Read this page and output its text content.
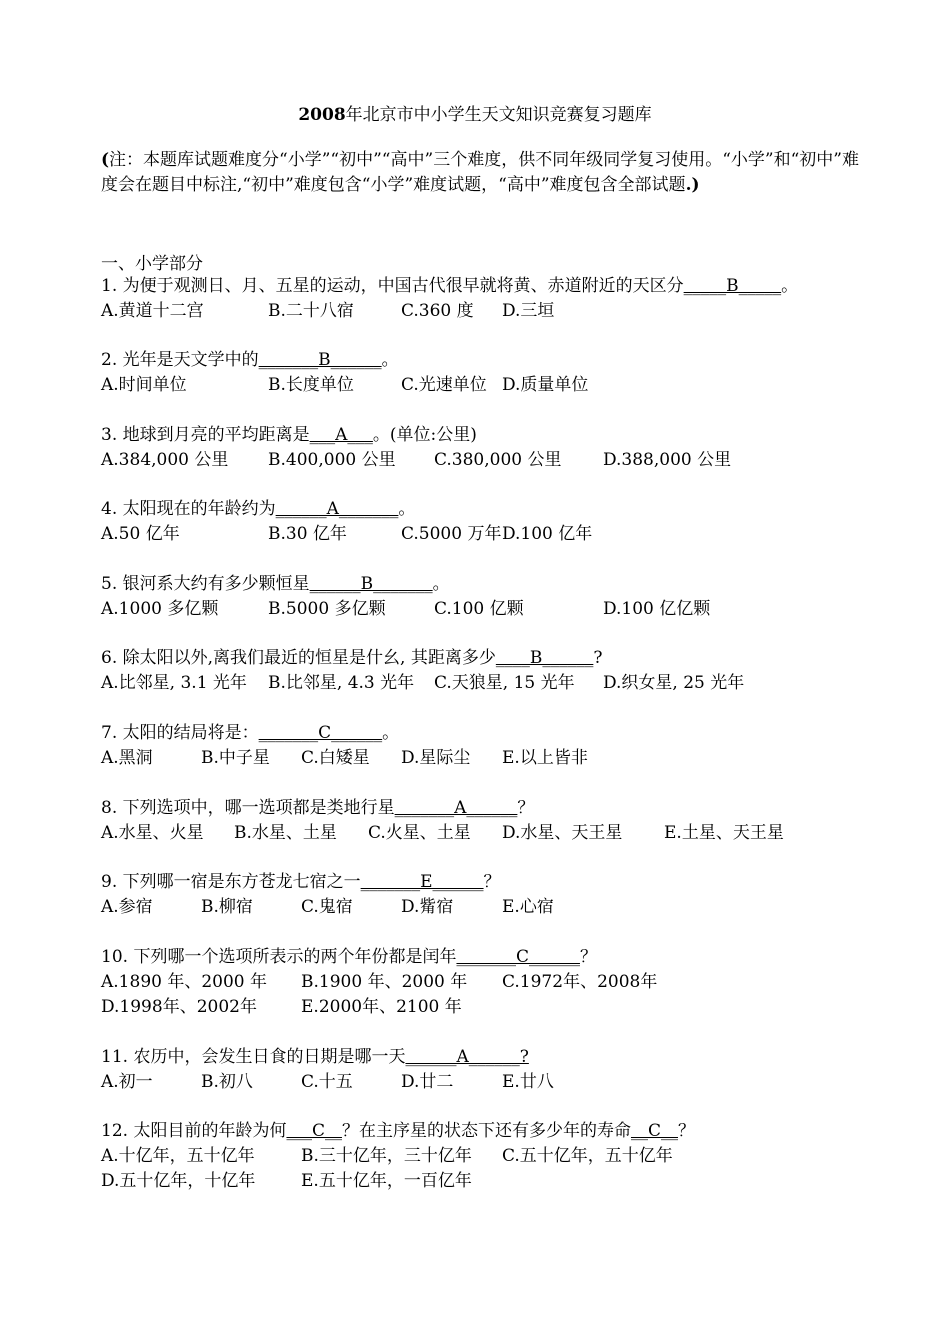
2008年北京市中小学生天文知识竞赛复习题库
(注：本题库试题难度分“小学”“初中”“高中”三个难度，供不同年级同学复习使用。“小学”和“初中”难度会在题目中标注,“初中”难度包含“小学”难度试题，“高中”难度包含全部试题.)
一、小学部分
1. 为便于观测日、月、五星的运动，中国古代很早就将黄、赤道附近的天区分_____B_____。
A.黄道十二宫	B.二十八宿	C.360 度 D.三垣
2. 光年是天文学中的_______B______。
A.时间单位	B.长度单位	C.光速单位 D.质量单位
3. 地球到月亮的平均距离是___A___。(单位:公里)
A.384,000 公里 B.400,000 公里 C.380,000 公里 D.388,000 公里
4. 太阳现在的年龄约为______A_______。
A.50 亿年	B.30 亿年	C.5000 万年 D.100 亿年
5. 银河系大约有多少颗恒星______B_______。
A.1000 多亿颗	B.5000 多亿颗	C.100 亿颗	D.100 亿亿颗
6. 除太阳以外,离我们最近的恒星是什幺, 其距离多少____B______?
A.比邻星, 3.1 光年 B.比邻星, 4.3 光年 C.天狼星, 15 光年 D.织女星, 25 光年
7. 太阳的结局将是：_______C______。
A.黑洞	B.中子星 C.白矮星 D.星际尘 E.以上皆非
8. 下列选项中，哪一选项都是类地行星_______A______？
A.水星、火星 B.水星、土星 C.火星、土星 D.水星、天王星 E.土星、天王星
9. 下列哪一宿是东方苍龙七宿之一_______E______？
A.参宿	B.柳宿	C.鬼宿	D.觜宿	E.心宿
10. 下列哪一个选项所表示的两个年份都是闰年_______C______？
A.1890 年、2000 年 B.1900 年、2000 年 C.1972年、2008年
D.1998年、2002年	E.2000年、2100 年
11. 农历中，会发生日食的日期是哪一天______A______?
A.初一	B.初八	C.十五	D.廿二	E.廿八
12. 太阳目前的年龄为何___C__？在主序星的状态下还有多少年的寿命__C__？
A.十亿年，五十亿年	B.三十亿年，三十亿年 C.五十亿年，五十亿年
D.五十亿年，十亿年	E.五十亿年，一百亿年
